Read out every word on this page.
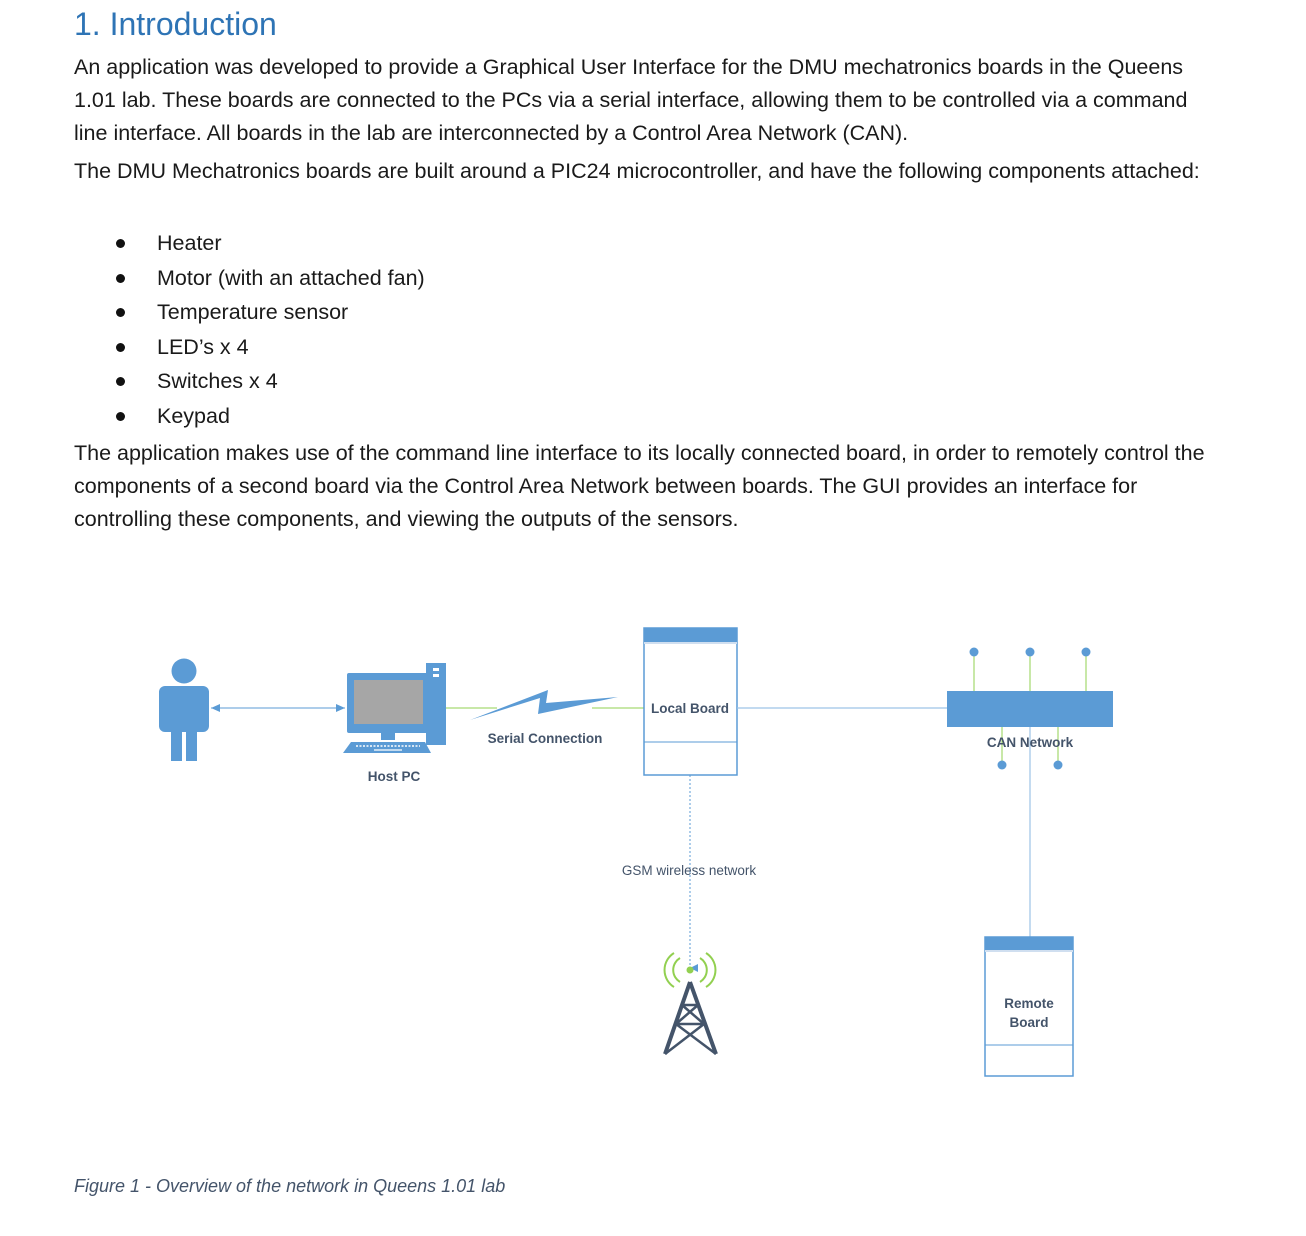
1. Introduction

An application was developed to provide a Graphical User Interface for the DMU mechatronics boards in the Queens 1.01 lab. These boards are connected to the PCs via a serial interface, allowing them to be controlled via a command line interface. All boards in the lab are interconnected by a Control Area Network (CAN).

The DMU Mechatronics boards are built around a PIC24 microcontroller, and have the following components attached:

Heater
Motor (with an attached fan)
Temperature sensor
LED’s x 4
Switches x 4
Keypad

The application makes use of the command line interface to its locally connected board, in order to remotely control the components of a second board via the Control Area Network between boards. The GUI provides an interface for controlling these components, and viewing the outputs of the sensors.

Host PC
Serial Connection
Local Board
CAN Network
GSM wireless network
Remote
Board

Figure 1 - Overview of the network in Queens 1.01 lab
